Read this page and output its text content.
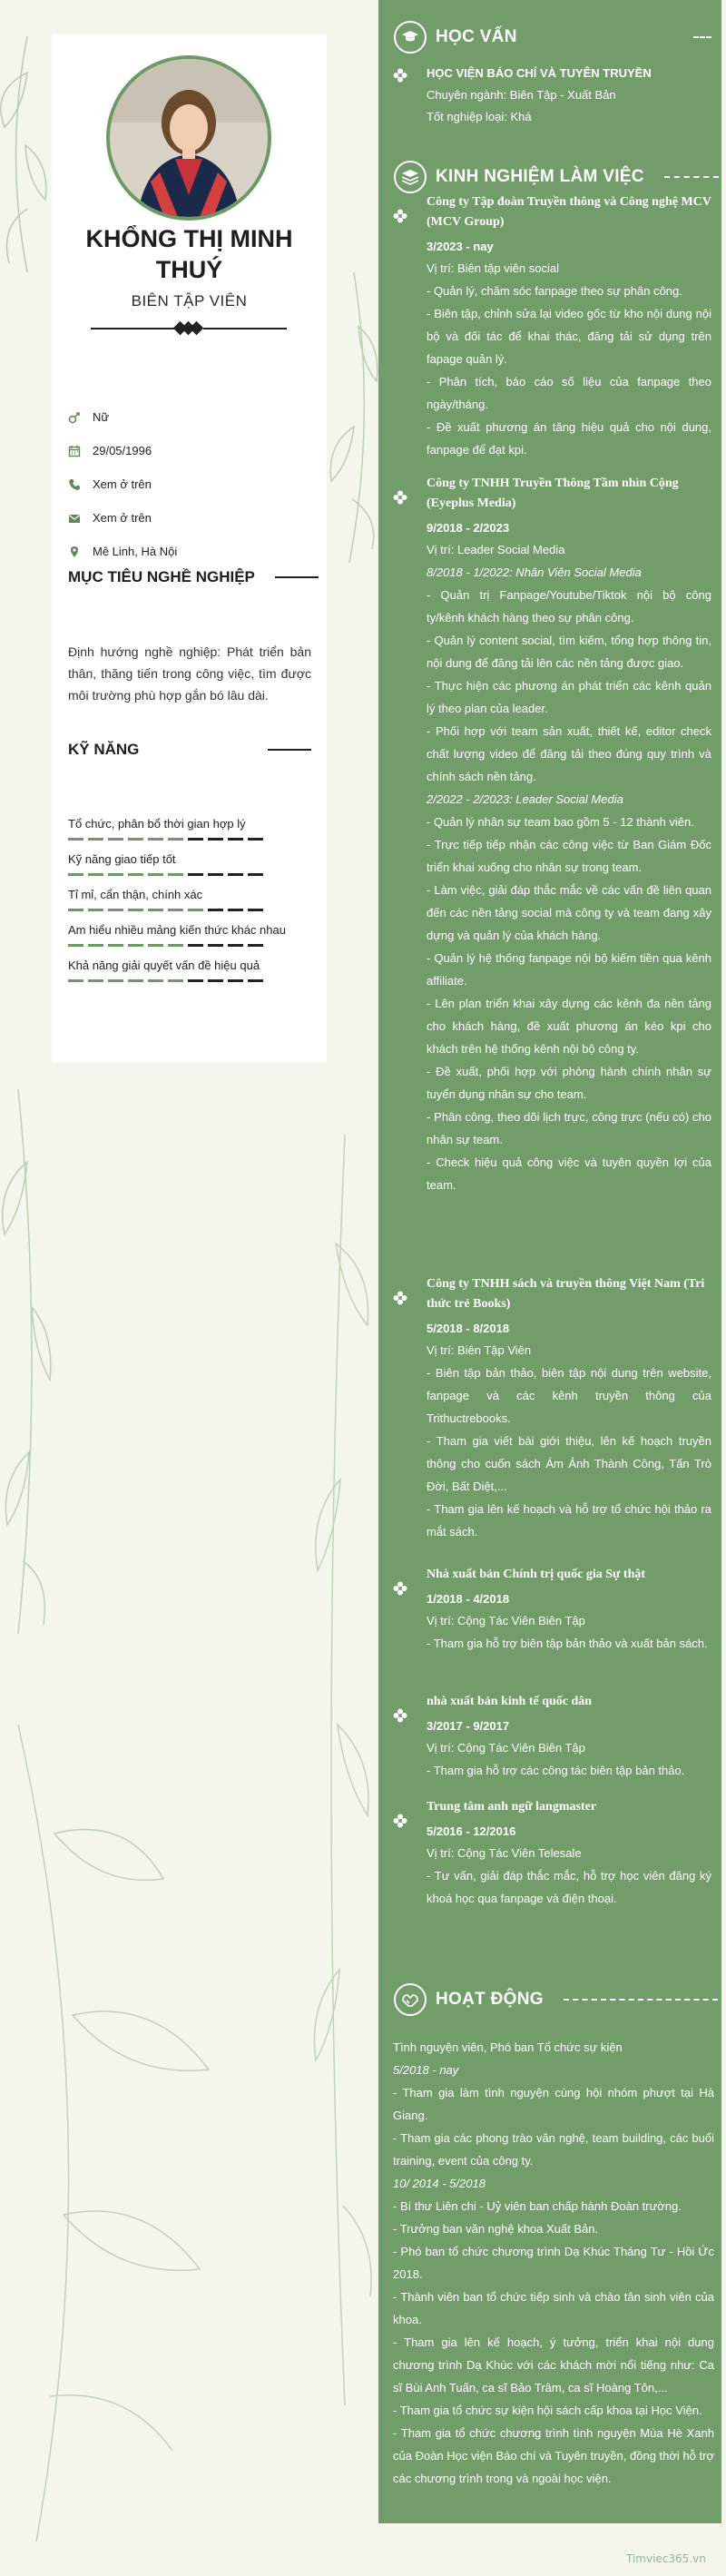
KHỔNG THỊ MINH THUÝ
BIÊN TẬP VIÊN
Nữ
29/05/1996
Xem ở trên
Xem ở trên
Mê Linh, Hà Nội
MỤC TIÊU NGHỀ NGHIỆP
Định hướng nghề nghiệp: Phát triển bản thân, thăng tiến trong công việc, tìm được môi trường phù hợp gắn bó lâu dài.
KỸ NĂNG
Tổ chức, phân bổ thời gian hợp lý
Kỹ năng giao tiếp tốt
Tỉ mỉ, cẩn thận, chính xác
Am hiểu nhiều mảng kiến thức khác nhau
Khả năng giải quyết vấn đề hiệu quả
HỌC VẤN
HỌC VIỆN BÁO CHÍ VÀ TUYÊN TRUYỀN
Chuyên ngành: Biên Tập - Xuất Bản
Tốt nghiệp loại: Khá
KINH NGHIỆM LÀM VIỆC
Công ty Tập đoàn Truyền thông và Công nghệ MCV (MCV Group)
3/2023 - nay
Vị trí: Biên tập viên social
- Quản lý, chăm sóc fanpage theo sự phân công.
- Biên tập, chỉnh sửa lại video gốc từ kho nội dung nội bộ và đối tác để khai thác, đăng tải sử dụng trên fapage quản lý.
- Phân tích, báo cáo số liệu của fanpage theo ngày/tháng.
- Đề xuất phương án tăng hiệu quả cho nội dung, fanpage để đạt kpi.
Công ty TNHH Truyền Thông Tầm nhìn Cộng (Eyeplus Media)
9/2018 - 2/2023
Vị trí: Leader Social Media
8/2018 - 1/2022: Nhân Viên Social Media
- Quản trị Fanpage/Youtube/Tiktok nội bộ công ty/kênh khách hàng theo sự phân công.
- Quản lý content social, tìm kiếm, tổng hợp thông tin, nội dung để đăng tải lên các nền tảng được giao.
- Thực hiện các phương án phát triển các kênh quản lý theo plan của leader.
- Phối hợp với team sản xuất, thiết kế, editor check chất lượng video để đăng tải theo đúng quy trình và chính sách nền tảng.
2/2022 - 2/2023: Leader Social Media
- Quản lý nhân sự team bao gồm 5 - 12 thành viên.
- Trực tiếp tiếp nhận các công việc từ Ban Giám Đốc triển khai xuống cho nhân sự trong team.
- Làm việc, giải đáp thắc mắc về các vấn đề liên quan đến các nền tảng social mà công ty và team đang xây dựng và quản lý của khách hàng.
- Quản lý hệ thống fanpage nội bộ kiếm tiền qua kênh affiliate.
- Lên plan triển khai xây dựng các kênh đa nền tảng cho khách hàng, đề xuất phương án kéo kpi cho khách trên hệ thống kênh nội bộ công ty.
- Đề xuất, phối hợp với phòng hành chính nhân sự tuyển dụng nhân sự cho team.
- Phân công, theo dõi lịch trực, công trực (nếu có) cho nhân sự team.
- Check hiệu quả công việc và tuyên quyền lợi của team.
Công ty TNHH sách và truyền thông Việt Nam (Tri thức trẻ Books)
5/2018 - 8/2018
Vị trí: Biên Tập Viên
- Biên tập bản thảo, biên tập nội dung trên website, fanpage và các kênh truyền thông của Trithuctrebooks.
- Tham gia viết bài giới thiệu, lên kế hoạch truyền thông cho cuốn sách Ám Ảnh Thành Công, Tấn Trò Đời, Bất Diệt,...
- Tham gia lên kế hoạch và hỗ trợ tổ chức hội thảo ra mắt sách.
Nhà xuất bản Chính trị quốc gia Sự thật
1/2018 - 4/2018
Vị trí: Cộng Tác Viên Biên Tập
- Tham gia hỗ trợ biên tập bản thảo và xuất bản sách.
nhà xuất bản kinh tế quốc dân
3/2017 - 9/2017
Vị trí: Cộng Tác Viên Biên Tập
- Tham gia hỗ trợ các công tác biên tập bản thảo.
Trung tâm anh ngữ langmaster
5/2016 - 12/2016
Vị trí: Cộng Tác Viên Telesale
- Tư vấn, giải đáp thắc mắc, hỗ trợ học viên đăng ký khoá học qua fanpage và điện thoại.
HOẠT ĐỘNG
Tình nguyện viên, Phó ban Tổ chức sự kiện
5/2018 - nay
- Tham gia làm tình nguyện cùng hội nhóm phượt tại Hà Giang.
- Tham gia các phong trào văn nghệ, team building, các buổi training, event của công ty.
10/ 2014 - 5/2018
- Bí thư Liên chi - Uỷ viên ban chấp hành Đoàn trường.
- Trưởng ban văn nghệ khoa Xuất Bản.
- Phó ban tổ chức chương trình Dạ Khúc Tháng Tư - Hồi Ức 2018.
- Thành viên ban tổ chức tiếp sinh và chào tân sinh viên của khoa.
- Tham gia lên kế hoạch, ý tưởng, triển khai nội dung chương trình Dạ Khúc với các khách mời nổi tiếng như: Ca sĩ Bùi Anh Tuấn, ca sĩ Bảo Trâm, ca sĩ Hoàng Tôn,...
- Tham gia tổ chức sự kiện hội sách cấp khoa tại Học Viện.
- Tham gia tổ chức chương trình tình nguyện Mùa Hè Xanh của Đoàn Học viện Báo chí và Tuyên truyền, đồng thời hỗ trợ các chương trình trong và ngoài học viện.
Timviec365.vn
